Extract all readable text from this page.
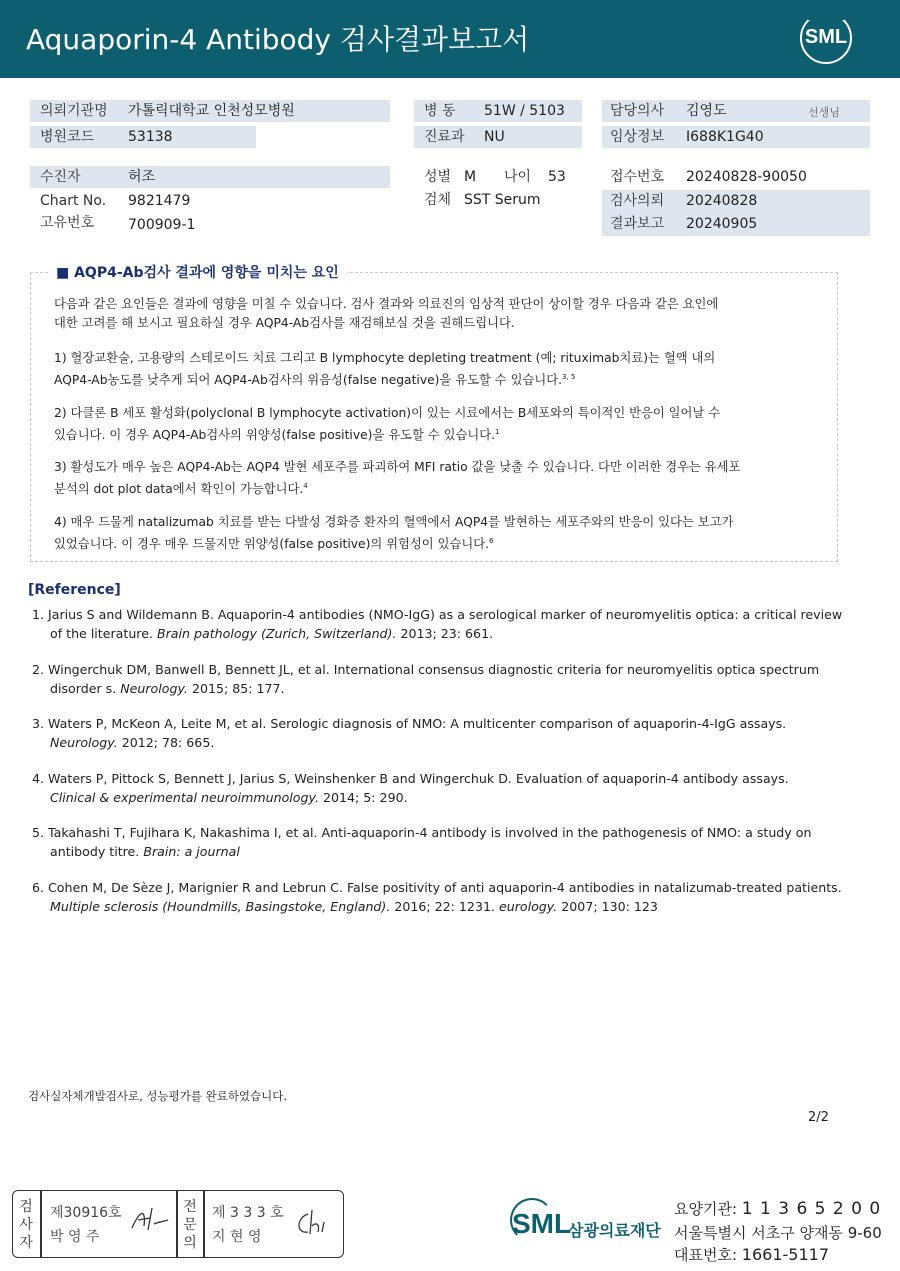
Aquaporin-4 Antibody 검사결과보고서	SML
의뢰기관명 가톨릭대학교 인천성모병원
병원코드 53138
병 동 51W / 5103
진료과 NU
담당의사 김영도	선생님
임상정보 I688K1G40
수진자	허조
Chart No. 9821479
고유번호 700909-1
성별 M 나이 53
검체 SST Serum
접수번호 20240828-90050
검사의뢰 20240828
결과보고 20240905
■ AQP4-Ab검사 결과에 영향을 미치는 요인
다음과 같은 요인들은 결과에 영향을 미칠 수 있습니다. 검사 결과와 의료진의 임상적 판단이 상이할 경우 다음과 같은 요인에
대한 고려를 해 보시고 필요하실 경우 AQP4-Ab검사를 재검해보실 것을 권해드립니다.
1) 혈장교환술, 고용량의 스테로이드 치료 그리고 B lymphocyte depleting treatment (예; rituximab치료)는 혈액 내의
AQP4-Ab농도를 낮추게 되어 AQP4-Ab검사의 위음성(false negative)을 유도할 수 있습니다.$^{3, 5}$
2) 다클론 B 세포 활성화(polyclonal B lymphocyte activation)이 있는 시료에서는 B세포와의 특이적인 반응이 일어날 수
있습니다. 이 경우 AQP4-Ab검사의 위양성(false positive)을 유도할 수 있습니다.$^1$
3) 활성도가 매우 높은 AQP4-Ab는 AQP4 발현 세포주를 파괴하여 MFI ratio 값을 낮출 수 있습니다. 다만 이러한 경우는 유세포
분석의 dot plot data에서 확인이 가능합니다.$^4$
4) 매우 드물게 natalizumab 치료를 받는 다발성 경화증 환자의 혈액에서 AQP4를 발현하는 세포주와의 반응이 있다는 보고가
있었습니다. 이 경우 매우 드물지만 위양성(false positive)의 위험성이 있습니다.$^6$
[Reference]
1. Jarius S and Wildemann B. Aquaporin-4 antibodies (NMO-IgG) as a serological marker of neuromyelitis optica: a critical review
of the literature. Brain pathology (Zurich, Switzerland). 2013; 23: 661.
2. Wingerchuk DM, Banwell B, Bennett JL, et al. International consensus diagnostic criteria for neuromyelitis optica spectrum
disorder s. Neurology. 2015; 85: 177.
3. Waters P, McKeon A, Leite M, et al. Serologic diagnosis of NMO: A multicenter comparison of aquaporin-4-IgG assays.
Neurology. 2012; 78: 665.
4. Waters P, Pittock S, Bennett J, Jarius S, Weinshenker B and Wingerchuk D. Evaluation of aquaporin-4 antibody assays.
Clinical & experimental neuroimmunology. 2014; 5: 290.
5. Takahashi T, Fujihara K, Nakashima I, et al. Anti-aquaporin-4 antibody is involved in the pathogenesis of NMO: a study on
antibody titre. Brain: a journal
6. Cohen M, De Sèze J, Marignier R and Lebrun C. False positivity of anti aquaporin-4 antibodies in natalizumab-treated patients.
Multiple sclerosis (Houndmills, Basingstoke, England). 2016; 22: 1231. eurology. 2007; 130: 123
검사실자체개발검사로, 성능평가를 완료하였습니다.
2/2
검
사
자
제30916호
박 영 주
전
문
의
제 3 3 3 호
지 현 영	SML
삼광의료재단
요양기관: 1 1 3 6 5 2 0 0
서울특별시 서초구 양재동 9-60
대표번호: 1661-5117
